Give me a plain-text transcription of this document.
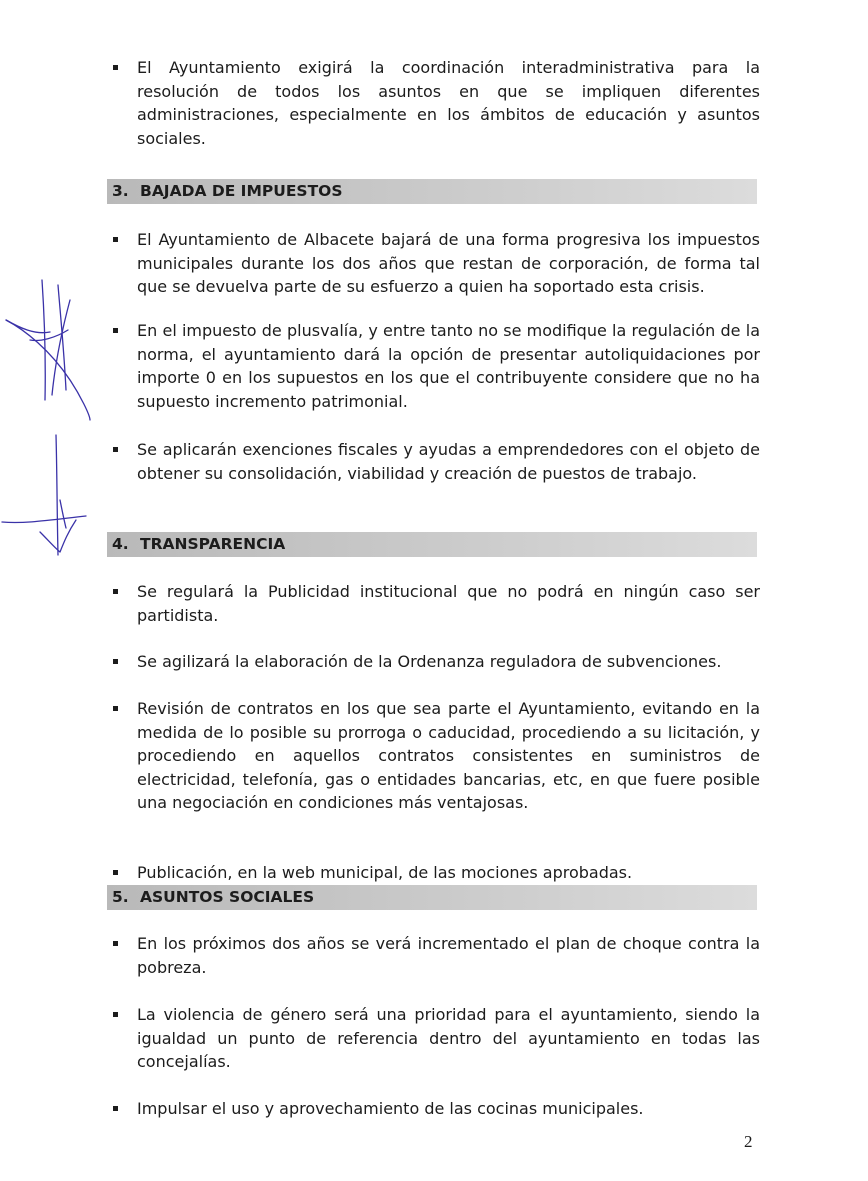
El Ayuntamiento exigirá la coordinación interadministrativa para la resolución de todos los asuntos en que se impliquen diferentes administraciones, especialmente en los ámbitos de educación y asuntos sociales.
3. BAJADA DE IMPUESTOS
El Ayuntamiento de Albacete bajará de una forma progresiva los impuestos municipales durante los dos años que restan de corporación, de forma tal que se devuelva parte de su esfuerzo a quien ha soportado esta crisis.
En el impuesto de plusvalía, y entre tanto no se modifique la regulación de la norma, el ayuntamiento dará la opción de presentar autoliquidaciones por importe 0 en los supuestos en los que el contribuyente considere que no ha supuesto incremento patrimonial.
Se aplicarán exenciones fiscales y ayudas a emprendedores con el objeto de obtener su consolidación, viabilidad y creación de puestos de trabajo.
4. TRANSPARENCIA
Se regulará la Publicidad institucional que no podrá en ningún caso ser partidista.
Se agilizará la elaboración de la Ordenanza reguladora de subvenciones.
Revisión de contratos en los que sea parte el Ayuntamiento, evitando en la medida de lo posible su prorroga o caducidad, procediendo a su licitación, y procediendo en aquellos contratos consistentes en suministros de electricidad, telefonía, gas o entidades bancarias, etc, en que fuere posible una negociación en condiciones más ventajosas.
Publicación, en la web municipal, de las mociones aprobadas.
5. ASUNTOS SOCIALES
En los próximos dos años se verá incrementado el plan de choque contra la pobreza.
La violencia de género será una prioridad para el ayuntamiento, siendo la igualdad un punto de referencia dentro del ayuntamiento en todas las concejalías.
Impulsar el uso y aprovechamiento de las cocinas municipales.
2
